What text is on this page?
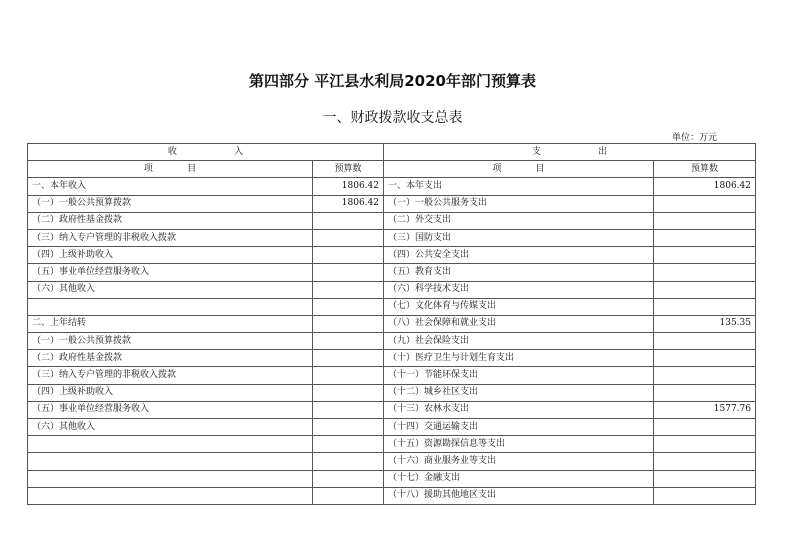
第四部分 平江县水利局2020年部门预算表
一、财政拨款收支总表
单位：万元
收                    入		支                    出	
项            目	预算数	项            目	预算数
一、本年收入	1806.42	一、本年支出	1806.42
（一）一般公共预算拨款	1806.42	（一）一般公共服务支出	
（二）政府性基金拨款		（二）外交支出	
（三）纳入专户管理的非税收入拨款		（三）国防支出	
（四）上级补助收入		（四）公共安全支出	
（五）事业单位经营服务收入		（五）教育支出	
（六）其他收入		（六）科学技术支出	
		（七）文化体育与传媒支出	
二、上年结转		（八）社会保障和就业支出	135.35
（一）一般公共预算拨款		（九）社会保险支出	
（二）政府性基金拨款		（十）医疗卫生与计划生育支出	
（三）纳入专户管理的非税收入拨款		（十一）节能环保支出	
（四）上级补助收入		（十二）城乡社区支出	
（五）事业单位经营服务收入		（十三）农林水支出	1577.76
（六）其他收入		（十四）交通运输支出	
		（十五）资源勘探信息等支出	
		（十六）商业服务业等支出	
		（十七）金融支出	
		（十八）援助其他地区支出	
